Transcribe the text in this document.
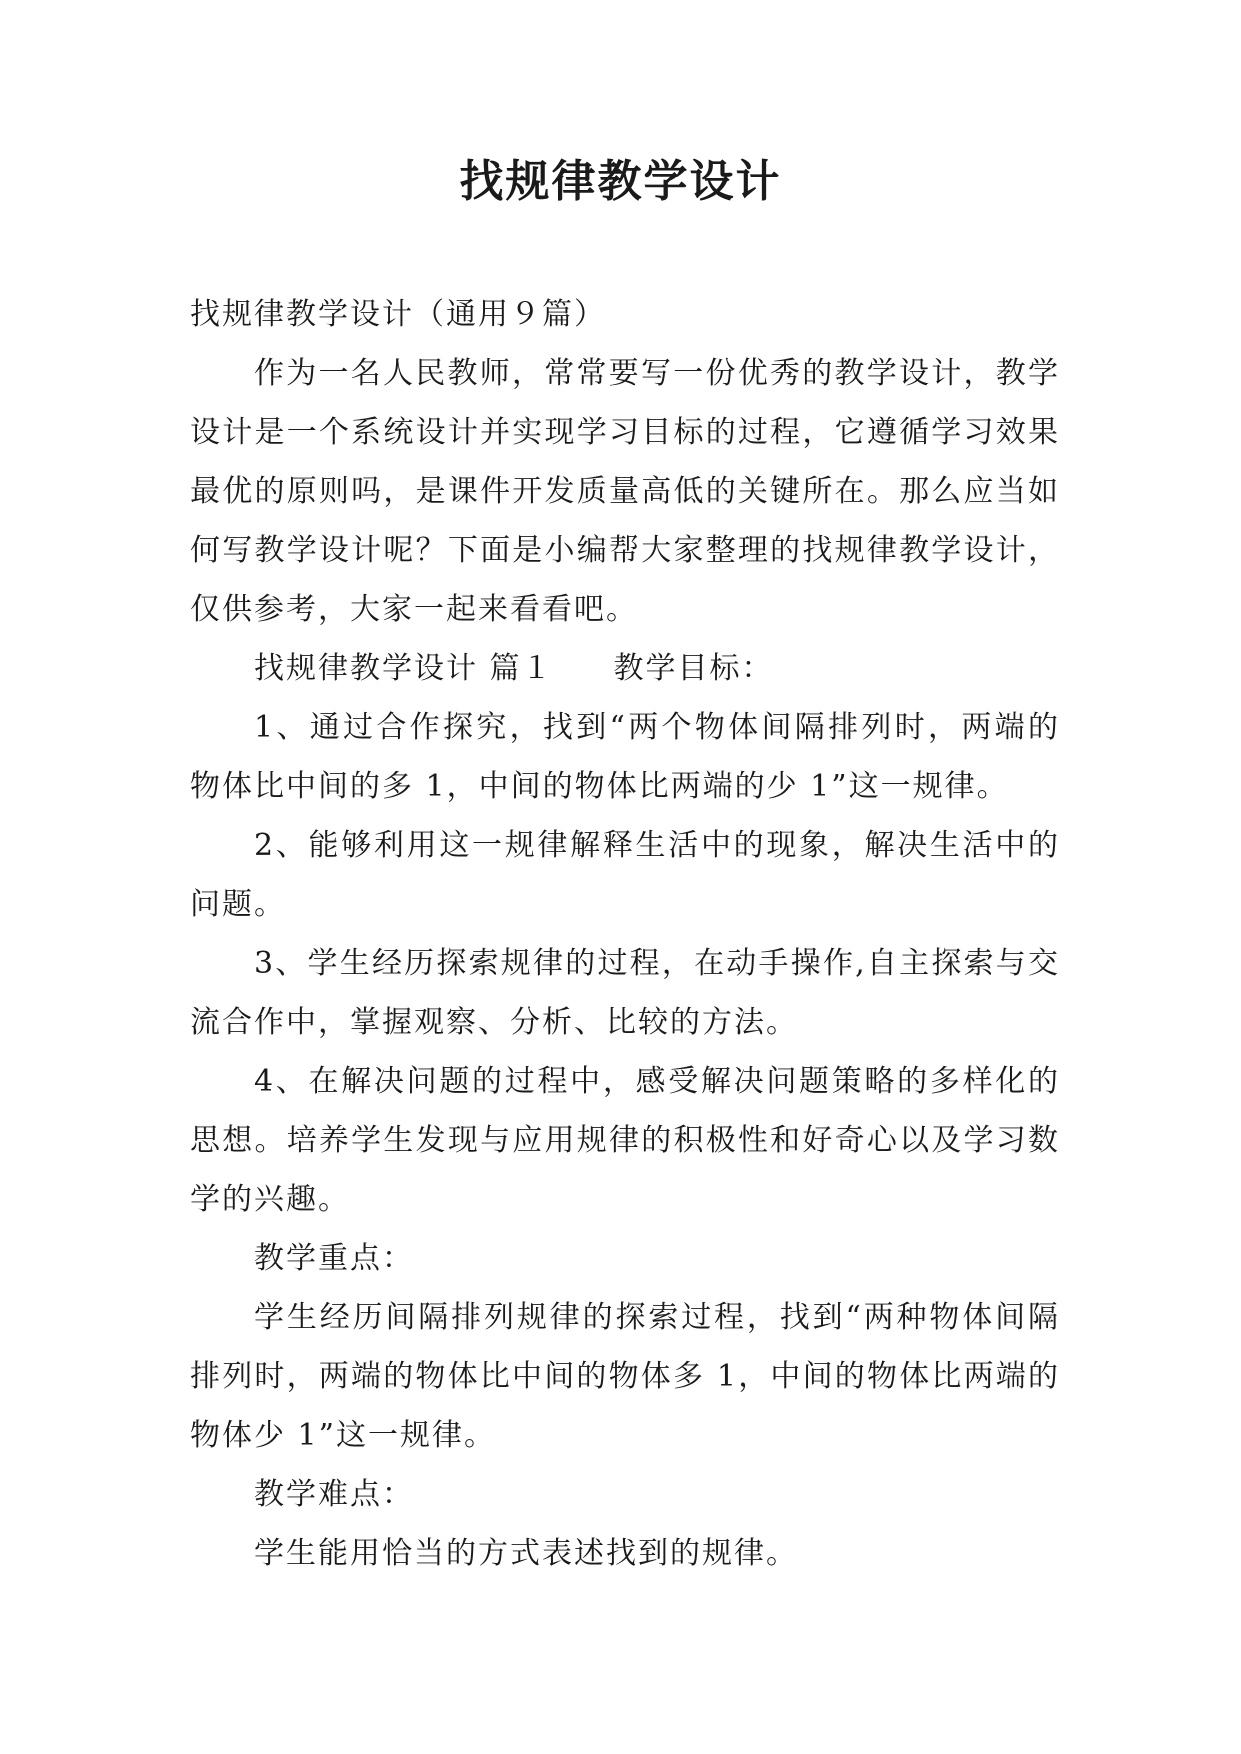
找规律教学设计

找规律教学设计（通用９篇）

作为一名人民教师，常常要写一份优秀的教学设计，教学设计是一个系统设计并实现学习目标的过程，它遵循学习效果最优的原则吗，是课件开发质量高低的关键所在。那么应当如何写教学设计呢？下面是小编帮大家整理的找规律教学设计，仅供参考，大家一起来看看吧。

找规律教学设计 篇１ 教学目标：

1、通过合作探究，找到“两个物体间隔排列时，两端的物体比中间的多 1，中间的物体比两端的少 1”这一规律。

2、能够利用这一规律解释生活中的现象，解决生活中的问题。

3、学生经历探索规律的过程，在动手操作,自主探索与交流合作中，掌握观察、分析、比较的方法。

4、在解决问题的过程中，感受解决问题策略的多样化的思想。培养学生发现与应用规律的积极性和好奇心以及学习数学的兴趣。

教学重点：

学生经历间隔排列规律的探索过程，找到“两种物体间隔排列时，两端的物体比中间的物体多 1，中间的物体比两端的物体少 1”这一规律。

教学难点：

学生能用恰当的方式表述找到的规律。
